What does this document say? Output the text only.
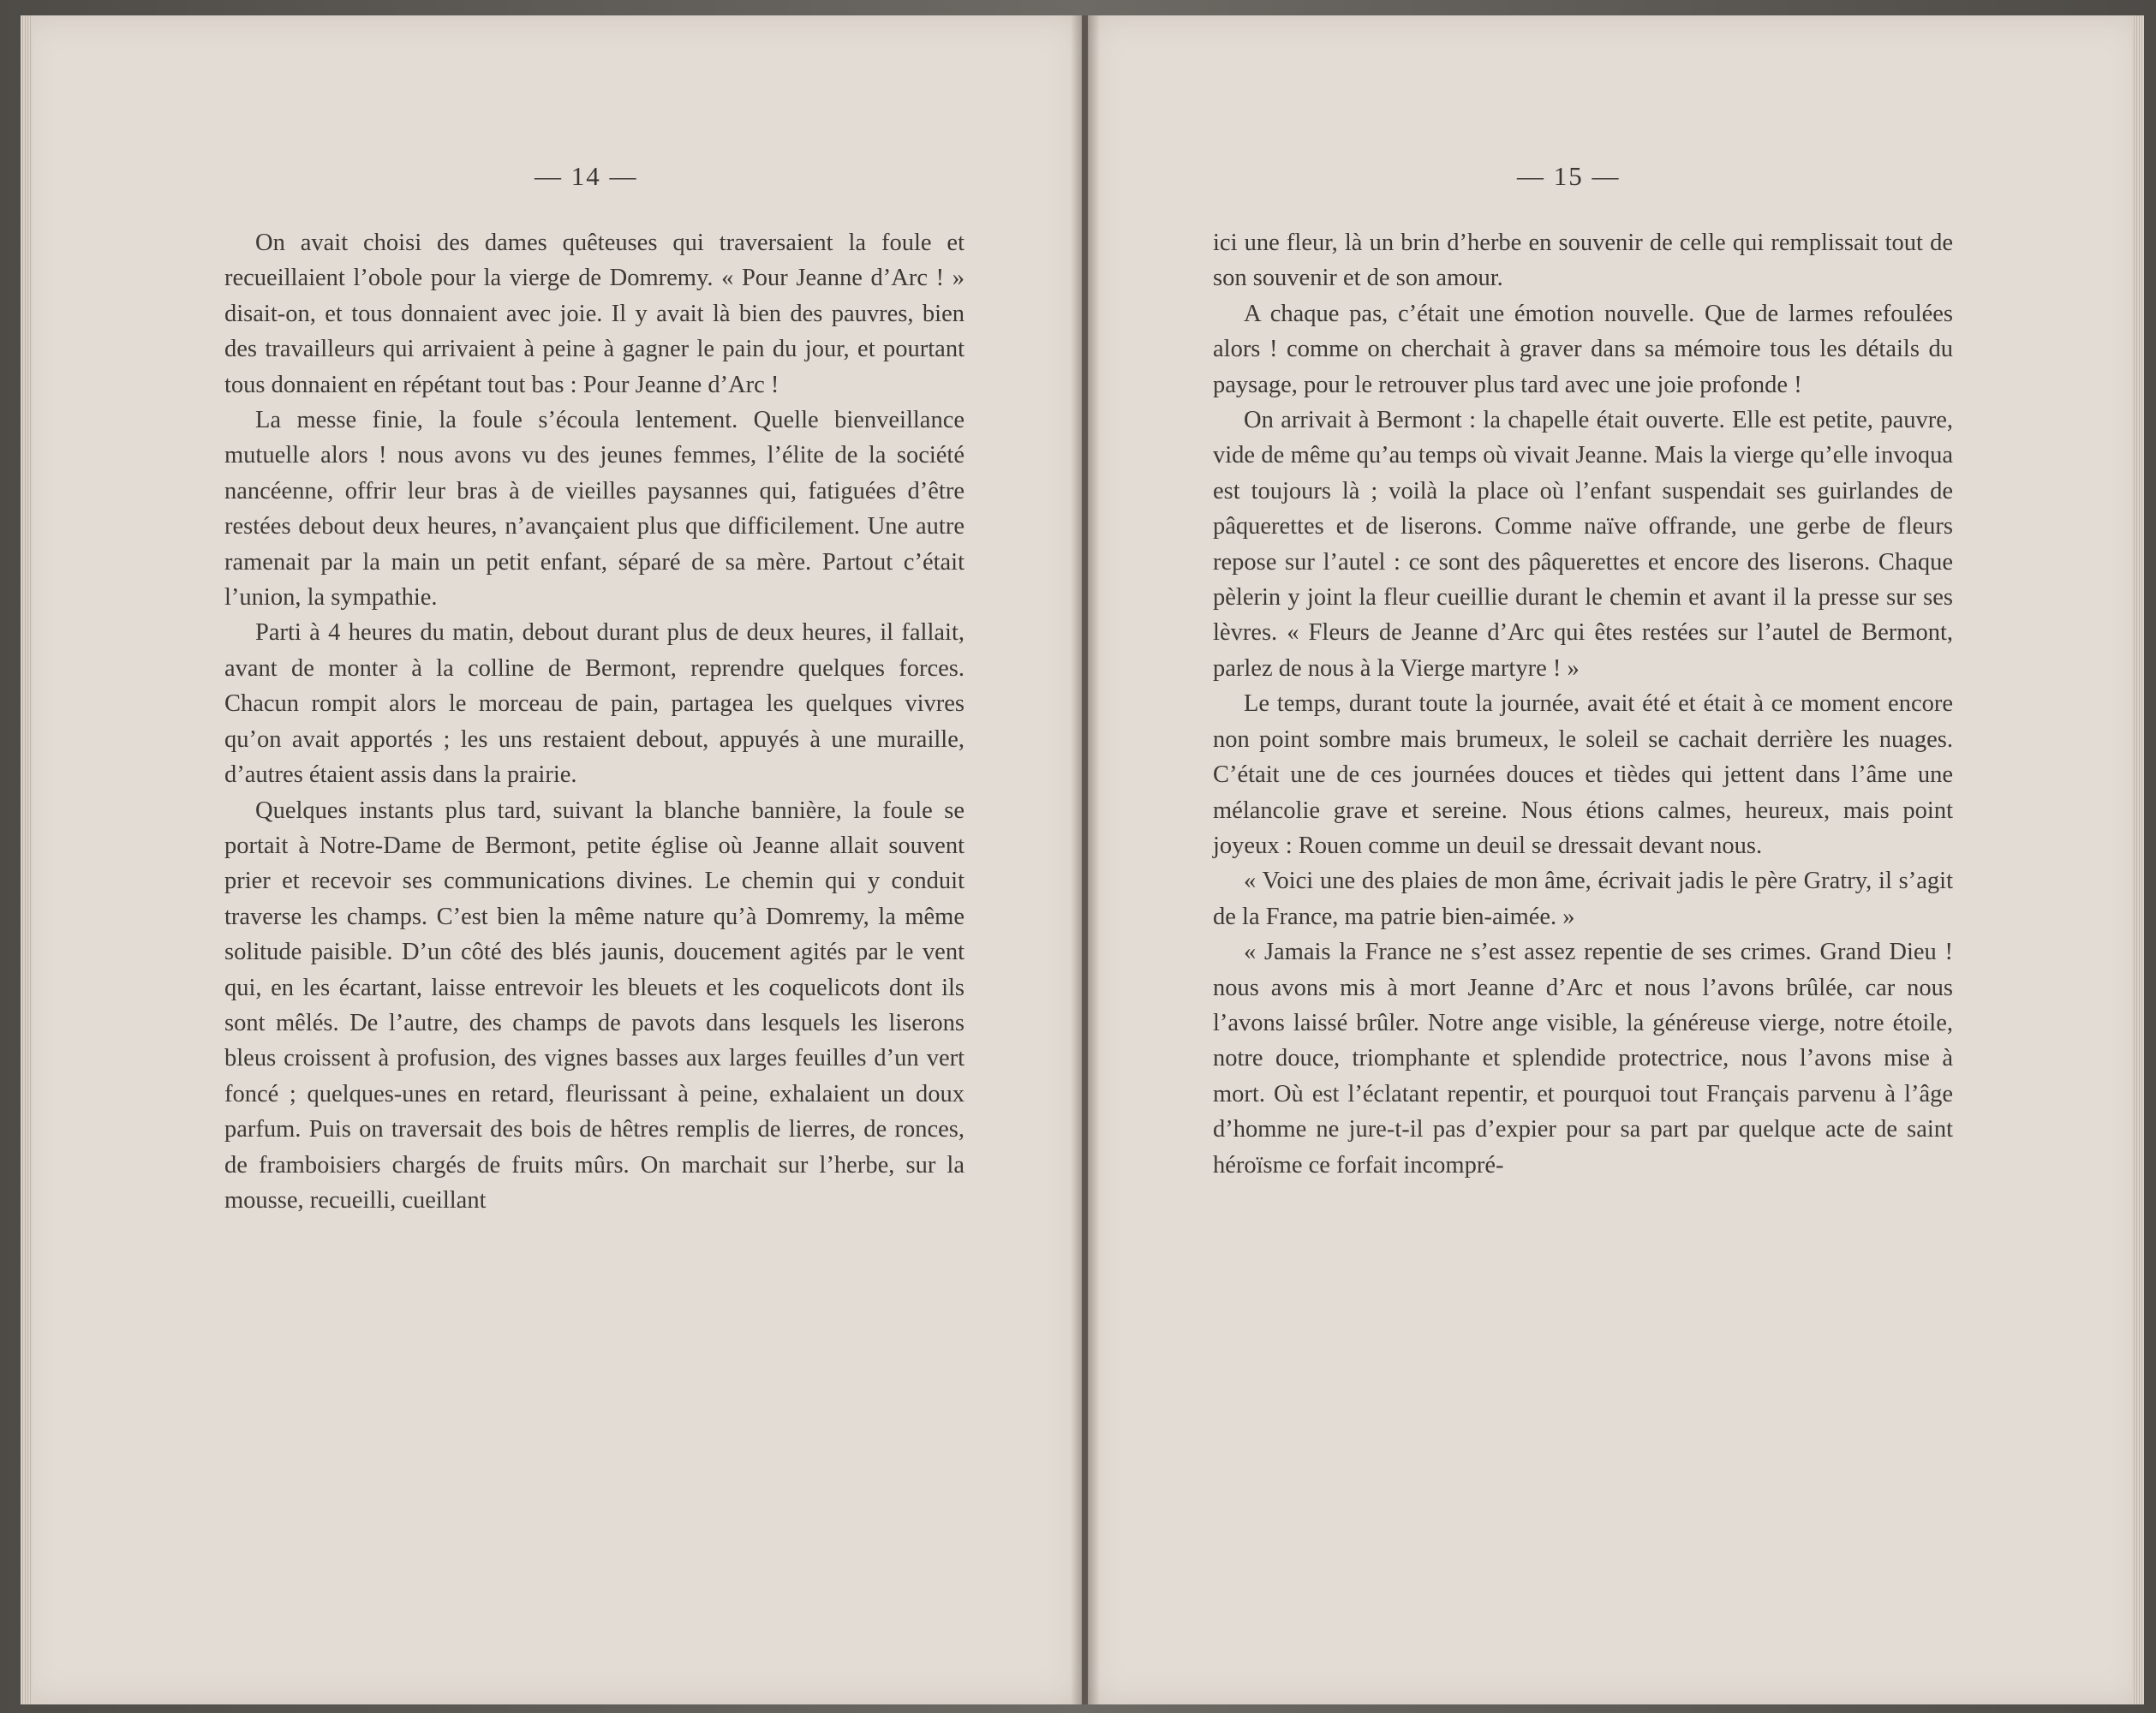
— 14 —

On avait choisi des dames quêteuses qui traversaient la foule et recueillaient l’obole pour la vierge de Domremy. « Pour Jeanne d’Arc ! » disait-on, et tous donnaient avec joie. Il y avait là bien des pauvres, bien des travailleurs qui arrivaient à peine à gagner le pain du jour, et pourtant tous donnaient en répétant tout bas : Pour Jeanne d’Arc !

La messe finie, la foule s’écoula lentement. Quelle bienveillance mutuelle alors ! nous avons vu des jeunes femmes, l’élite de la société nancéenne, offrir leur bras à de vieilles paysannes qui, fatiguées d’être restées debout deux heures, n’avançaient plus que difficilement. Une autre ramenait par la main un petit enfant, séparé de sa mère. Partout c’était l’union, la sympathie.

Parti à 4 heures du matin, debout durant plus de deux heures, il fallait, avant de monter à la colline de Bermont, reprendre quelques forces. Chacun rompit alors le morceau de pain, partagea les quelques vivres qu’on avait apportés ; les uns restaient debout, appuyés à une muraille, d’autres étaient assis dans la prairie.

Quelques instants plus tard, suivant la blanche bannière, la foule se portait à Notre-Dame de Bermont, petite église où Jeanne allait souvent prier et recevoir ses communications divines. Le chemin qui y conduit traverse les champs. C’est bien la même nature qu’à Domremy, la même solitude paisible. D’un côté des blés jaunis, doucement agités par le vent qui, en les écartant, laisse entrevoir les bleuets et les coquelicots dont ils sont mêlés. De l’autre, des champs de pavots dans lesquels les liserons bleus croissent à profusion, des vignes basses aux larges feuilles d’un vert foncé ; quelques-unes en retard, fleurissant à peine, exhalaient un doux parfum. Puis on traversait des bois de hêtres remplis de lierres, de ronces, de framboisiers chargés de fruits mûrs. On marchait sur l’herbe, sur la mousse, recueilli, cueillant

— 15 —

ici une fleur, là un brin d’herbe en souvenir de celle qui remplissait tout de son souvenir et de son amour.

A chaque pas, c’était une émotion nouvelle. Que de larmes refoulées alors ! comme on cherchait à graver dans sa mémoire tous les détails du paysage, pour le retrouver plus tard avec une joie profonde !

On arrivait à Bermont : la chapelle était ouverte. Elle est petite, pauvre, vide de même qu’au temps où vivait Jeanne. Mais la vierge qu’elle invoqua est toujours là ; voilà la place où l’enfant suspendait ses guirlandes de pâquerettes et de liserons. Comme naïve offrande, une gerbe de fleurs repose sur l’autel : ce sont des pâquerettes et encore des liserons. Chaque pèlerin y joint la fleur cueillie durant le chemin et avant il la presse sur ses lèvres. « Fleurs de Jeanne d’Arc qui êtes restées sur l’autel de Bermont, parlez de nous à la Vierge martyre ! »

Le temps, durant toute la journée, avait été et était à ce moment encore non point sombre mais brumeux, le soleil se cachait derrière les nuages. C’était une de ces journées douces et tièdes qui jettent dans l’âme une mélancolie grave et sereine. Nous étions calmes, heureux, mais point joyeux : Rouen comme un deuil se dressait devant nous.

« Voici une des plaies de mon âme, écrivait jadis le père Gratry, il s’agit de la France, ma patrie bien-aimée. »

« Jamais la France ne s’est assez repentie de ses crimes. Grand Dieu ! nous avons mis à mort Jeanne d’Arc et nous l’avons brûlée, car nous l’avons laissé brûler. Notre ange visible, la généreuse vierge, notre étoile, notre douce, triomphante et splendide protectrice, nous l’avons mise à mort. Où est l’éclatant repentir, et pourquoi tout Français parvenu à l’âge d’homme ne jure-t-il pas d’expier pour sa part par quelque acte de saint héroïsme ce forfait incompré-
